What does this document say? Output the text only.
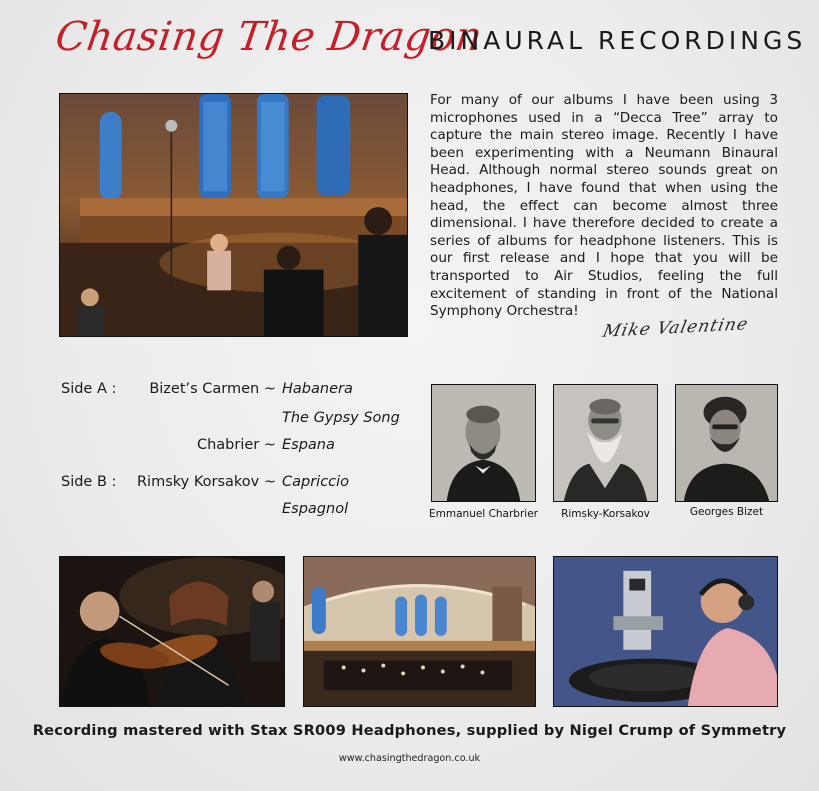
Chasing The Dragon
BINAURAL RECORDINGS
For many of our albums I have been using 3 microphones used in a “Decca Tree” array to capture the main stereo image. Recently I have been experimenting with a Neumann Binaural Head. Although normal stereo sounds great on headphones, I have found that when using the head, the effect can become almost three dimensional. I have therefore decided to create a series of albums for headphone listeners. This is our first release and I hope that you will be transported to Air Studios, feeling the full excitement of standing in front of the National Symphony Orchestra!
Mike Valentine
Side A : Bizet’s Carmen ~ Habanera
The Gypsy Song
Chabrier ~ Espana
Side B : Rimsky Korsakov ~ Capriccio
Espagnol	Emmanuel Charbrier	Rimsky-Korsakov	Georges Bizet
Recording mastered with Stax SR009 Headphones, supplied by Nigel Crump of Symmetry
www.chasingthedragon.co.uk
